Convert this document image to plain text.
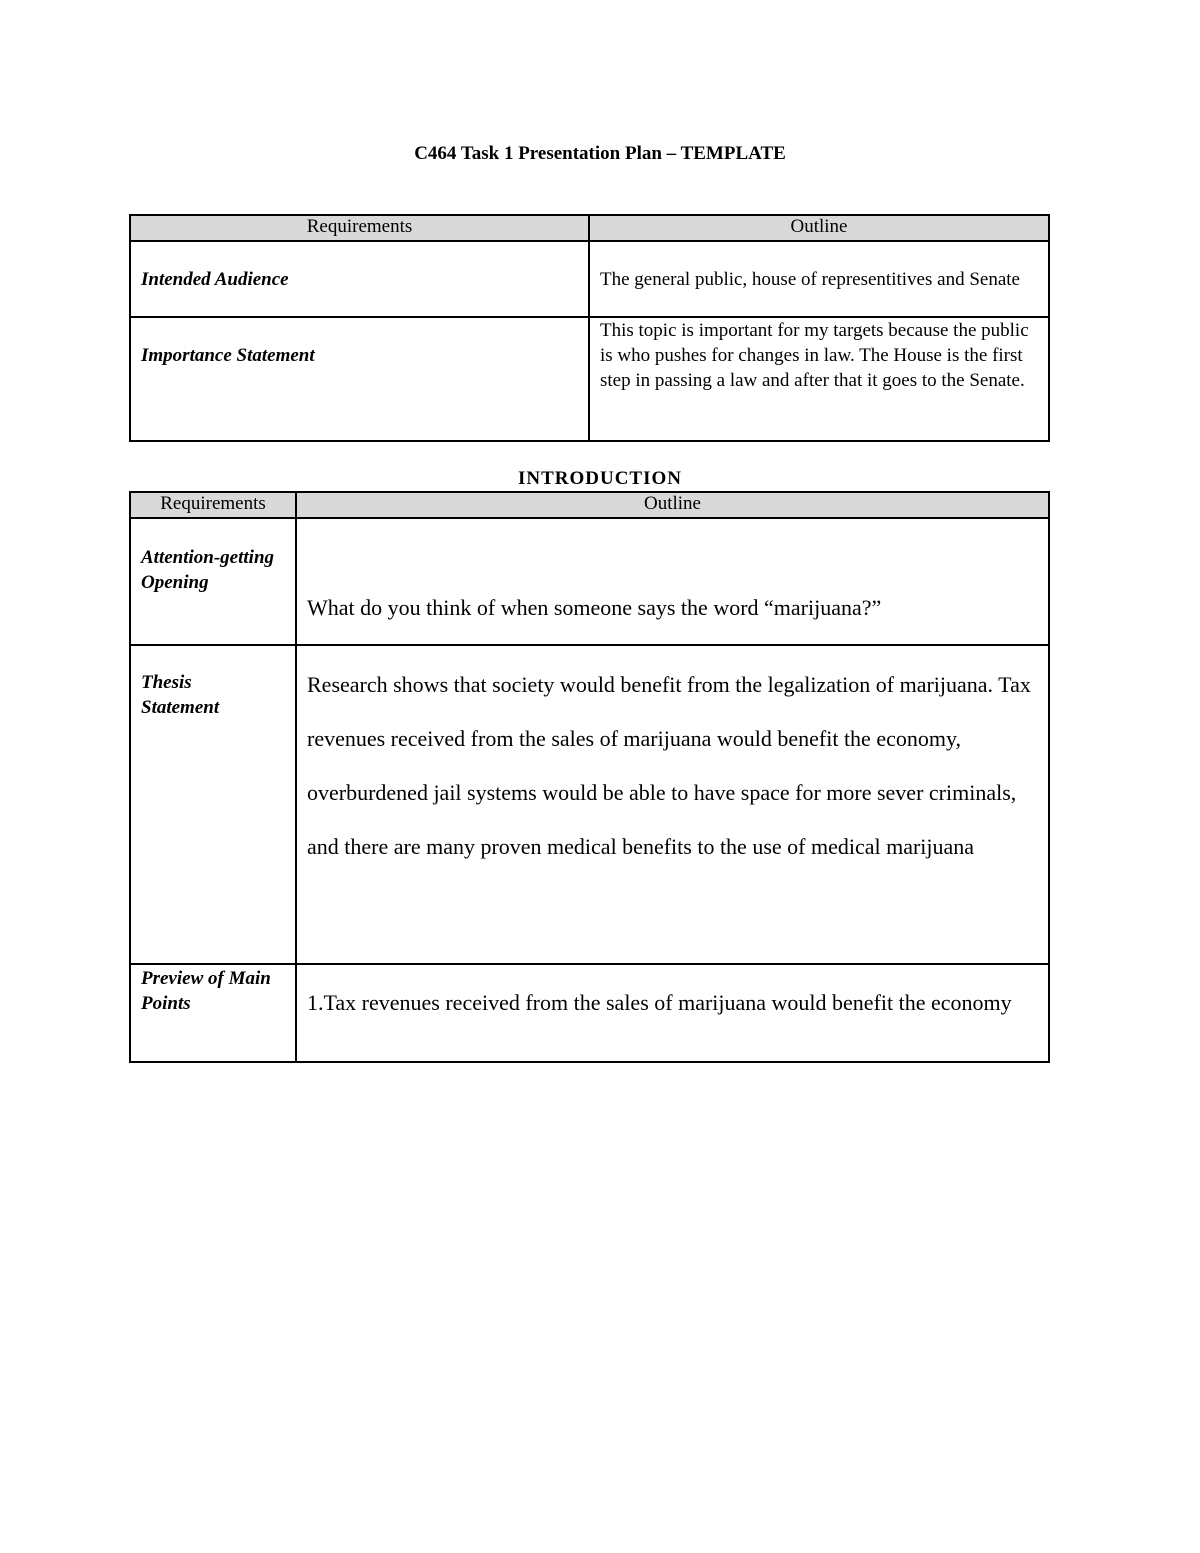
C464 Task 1 Presentation Plan – TEMPLATE
Requirements	Outline

Intended Audience	The general public, house of representitives and Senate

Importance Statement	This topic is important for my targets because the public is who pushes for changes in law. The House is the first step in passing a law and after that it goes to the Senate.
INTRODUCTION
Requirements	Outline

Attention-getting Opening	What do you think of when someone says the word “marijuana?”

Thesis Statement	Research shows that society would benefit from the legalization of marijuana. Tax revenues received from the sales of marijuana would benefit the economy, overburdened jail systems would be able to have space for more sever criminals, and there are many proven medical benefits to the use of medical marijuana

Preview of Main Points	1.Tax revenues received from the sales of marijuana would benefit the economy
